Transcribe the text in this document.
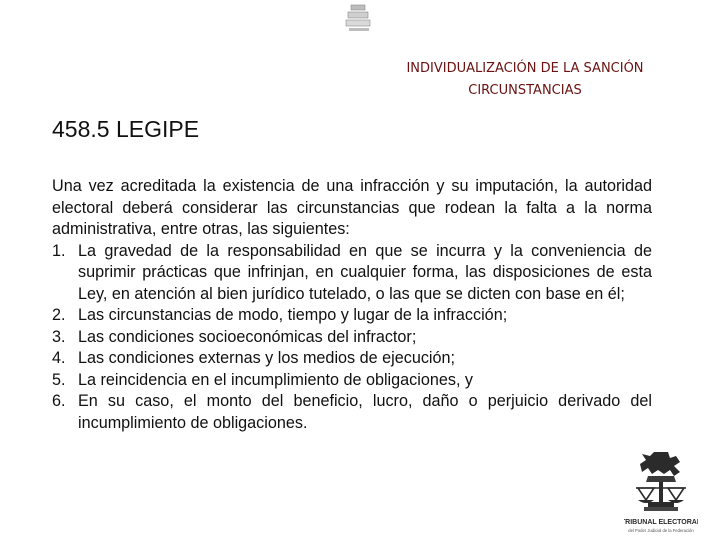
INDIVIDUALIZACIÓN DE LA SANCIÓN
CIRCUNSTANCIAS
458.5 LEGIPE
Una vez acreditada la existencia de una infracción y su imputación, la autoridad electoral deberá considerar las circunstancias que rodean la falta a la norma administrativa, entre otras, las siguientes:
1. La gravedad de la responsabilidad en que se incurra y la conveniencia de suprimir prácticas que infrinjan, en cualquier forma, las disposiciones de esta Ley, en atención al bien jurídico tutelado, o las que se dicten con base en él;
2. Las circunstancias de modo, tiempo y lugar de la infracción;
3. Las condiciones socioeconómicas del infractor;
4. Las condiciones externas y los medios de ejecución;
5. La reincidencia en el incumplimiento de obligaciones, y
6. En su caso, el monto del beneficio, lucro, daño o perjuicio derivado del incumplimiento de obligaciones.
TRIBUNAL ELECTORAL
del Poder Judicial de la Federación
